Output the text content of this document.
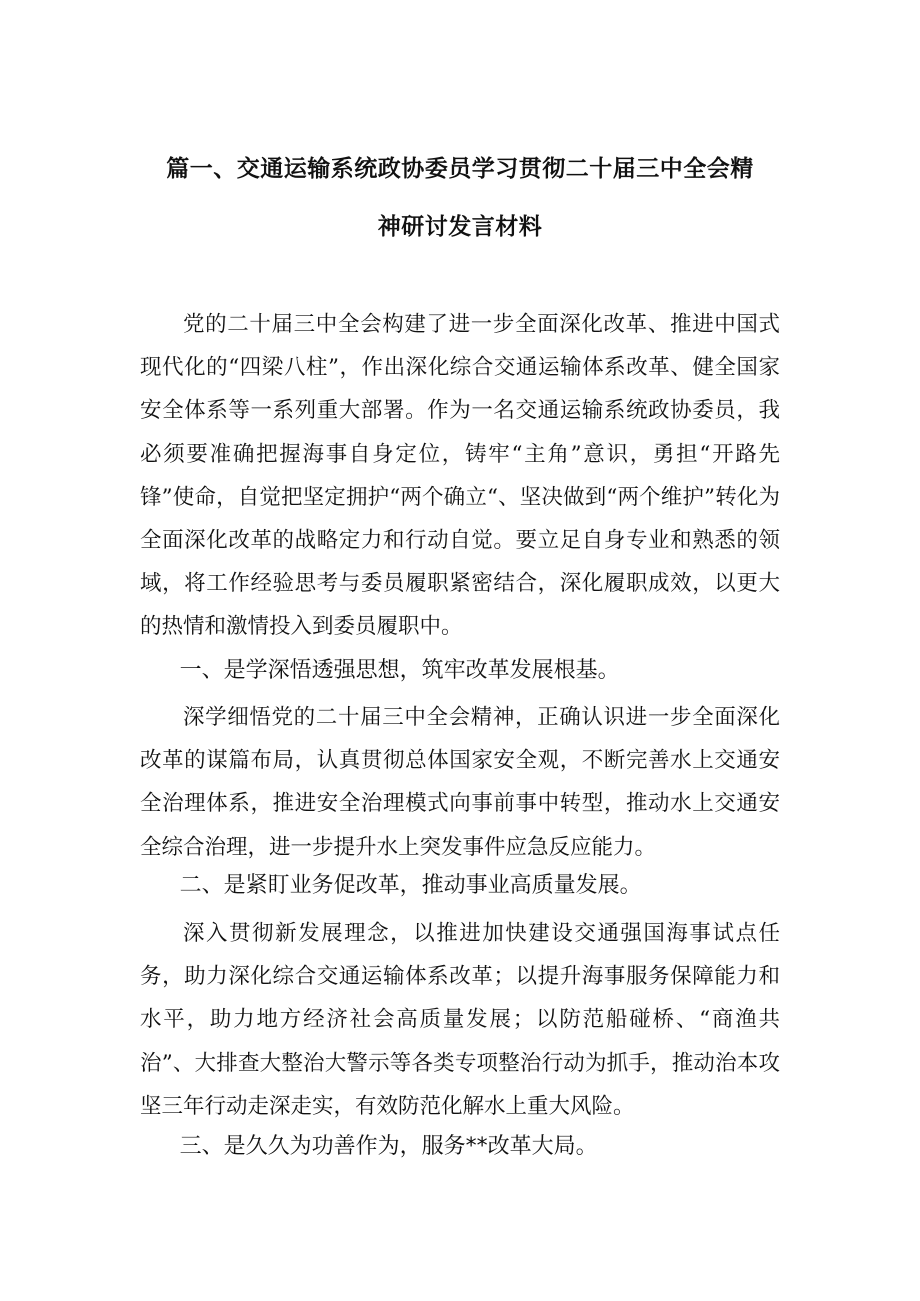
篇一、交通运输系统政协委员学习贯彻二十届三中全会精
神研讨发言材料

党的二十届三中全会构建了进一步全面深化改革、推进中国式现代化的“四梁八柱”，作出深化综合交通运输体系改革、健全国家安全体系等一系列重大部署。作为一名交通运输系统政协委员，我必须要准确把握海事自身定位，铸牢“主角”意识，勇担“开路先锋”使命，自觉把坚定拥护“两个确立“、坚决做到“两个维护”转化为全面深化改革的战略定力和行动自觉。要立足自身专业和熟悉的领域，将工作经验思考与委员履职紧密结合，深化履职成效，以更大的热情和激情投入到委员履职中。

一、是学深悟透强思想，筑牢改革发展根基。

深学细悟党的二十届三中全会精神，正确认识进一步全面深化改革的谋篇布局，认真贯彻总体国家安全观，不断完善水上交通安全治理体系，推进安全治理模式向事前事中转型，推动水上交通安全综合治理，进一步提升水上突发事件应急反应能力。

二、是紧盯业务促改革，推动事业高质量发展。

深入贯彻新发展理念，以推进加快建设交通强国海事试点任务，助力深化综合交通运输体系改革；以提升海事服务保障能力和水平，助力地方经济社会高质量发展；以防范船碰桥、“商渔共治”、大排查大整治大警示等各类专项整治行动为抓手，推动治本攻坚三年行动走深走实，有效防范化解水上重大风险。

三、是久久为功善作为，服务**改革大局。
